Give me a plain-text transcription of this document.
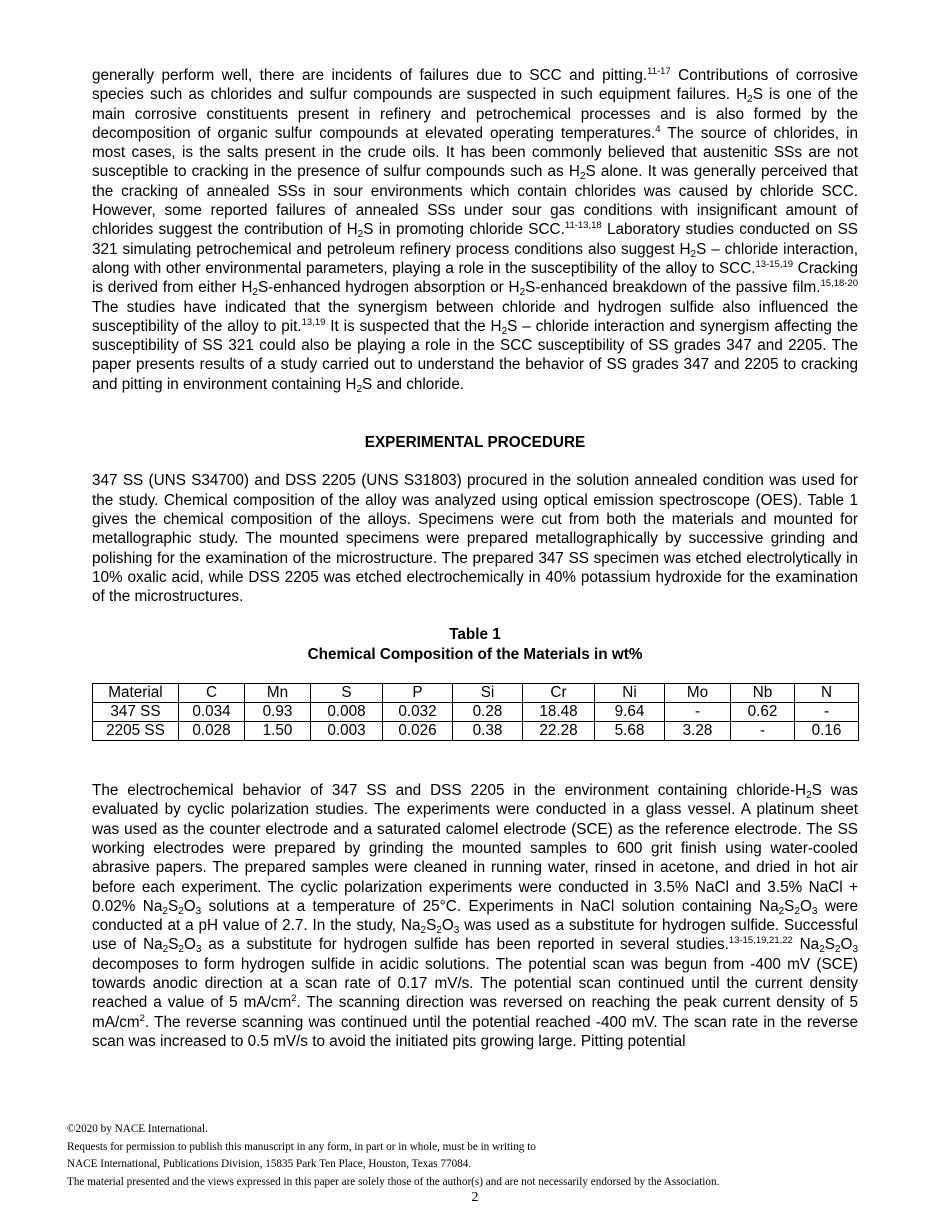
generally perform well, there are incidents of failures due to SCC and pitting.$^{11-17}$ Contributions of corrosive species such as chlorides and sulfur compounds are suspected in such equipment failures. $H_2S$ is one of the main corrosive constituents present in refinery and petrochemical processes and is also formed by the decomposition of organic sulfur compounds at elevated operating temperatures.$^4$ The source of chlorides, in most cases, is the salts present in the crude oils. It has been commonly believed that austenitic SSs are not susceptible to cracking in the presence of sulfur compounds such as $H_2S$ alone. It was generally perceived that the cracking of annealed SSs in sour environments which contain chlorides was caused by chloride SCC. However, some reported failures of annealed SSs under sour gas conditions with insignificant amount of chlorides suggest the contribution of $H_2S$ in promoting chloride SCC.$^{11-13,18}$ Laboratory studies conducted on SS 321 simulating petrochemical and petroleum refinery process conditions also suggest $H_2S$ – chloride interaction, along with other environmental parameters, playing a role in the susceptibility of the alloy to SCC.$^{13-15,19}$ Cracking is derived from either $H_2S$-enhanced hydrogen absorption or $H_2S$-enhanced breakdown of the passive film.$^{15,18-20}$ The studies have indicated that the synergism between chloride and hydrogen sulfide also influenced the susceptibility of the alloy to pit.$^{13,19}$ It is suspected that the $H_2S$ – chloride interaction and synergism affecting the susceptibility of SS 321 could also be playing a role in the SCC susceptibility of SS grades 347 and 2205. The paper presents results of a study carried out to understand the behavior of SS grades 347 and 2205 to cracking and pitting in environment containing $H_2S$ and chloride.

EXPERIMENTAL PROCEDURE

347 SS (UNS S34700) and DSS 2205 (UNS S31803) procured in the solution annealed condition was used for the study. Chemical composition of the alloy was analyzed using optical emission spectroscope (OES). Table 1 gives the chemical composition of the alloys. Specimens were cut from both the materials and mounted for metallographic study. The mounted specimens were prepared metallographically by successive grinding and polishing for the examination of the microstructure. The prepared 347 SS specimen was etched electrolytically in 10% oxalic acid, while DSS 2205 was etched electrochemically in 40% potassium hydroxide for the examination of the microstructures.

Table 1

Chemical Composition of the Materials in wt%

Material	C	Mn	S	P	Si	Cr	Ni	Mo	Nb	N
347 SS	0.034	0.93	0.008	0.032	0.28	18.48	9.64	-	0.62	-
2205 SS	0.028	1.50	0.003	0.026	0.38	22.28	5.68	3.28	-	0.16

The electrochemical behavior of 347 SS and DSS 2205 in the environment containing chloride-$H_2S$ was evaluated by cyclic polarization studies. The experiments were conducted in a glass vessel. A platinum sheet was used as the counter electrode and a saturated calomel electrode (SCE) as the reference electrode. The SS working electrodes were prepared by grinding the mounted samples to 600 grit finish using water-cooled abrasive papers. The prepared samples were cleaned in running water, rinsed in acetone, and dried in hot air before each experiment. The cyclic polarization experiments were conducted in 3.5% NaCl and 3.5% NaCl + 0.02% $Na_2S_2O_3$ solutions at a temperature of 25°C. Experiments in NaCl solution containing $Na_2S_2O_3$ were conducted at a pH value of 2.7. In the study, $Na_2S_2O_3$ was used as a substitute for hydrogen sulfide. Successful use of $Na_2S_2O_3$ as a substitute for hydrogen sulfide has been reported in several studies.$^{13-15,19,21,22}$ $Na_2S_2O_3$ decomposes to form hydrogen sulfide in acidic solutions. The potential scan was begun from -400 mV (SCE) towards anodic direction at a scan rate of 0.17 mV/s. The potential scan continued until the current density reached a value of 5 $mA/cm^2$. The scanning direction was reversed on reaching the peak current density of 5 $mA/cm^2$. The reverse scanning was continued until the potential reached -400 mV. The scan rate in the reverse scan was increased to 0.5 mV/s to avoid the initiated pits growing large. Pitting potential

©2020 by NACE International.

Requests for permission to publish this manuscript in any form, in part or in whole, must be in writing to

NACE International, Publications Division, 15835 Park Ten Place, Houston, Texas 77084.

The material presented and the views expressed in this paper are solely those of the author(s) and are not necessarily endorsed by the Association.

2
